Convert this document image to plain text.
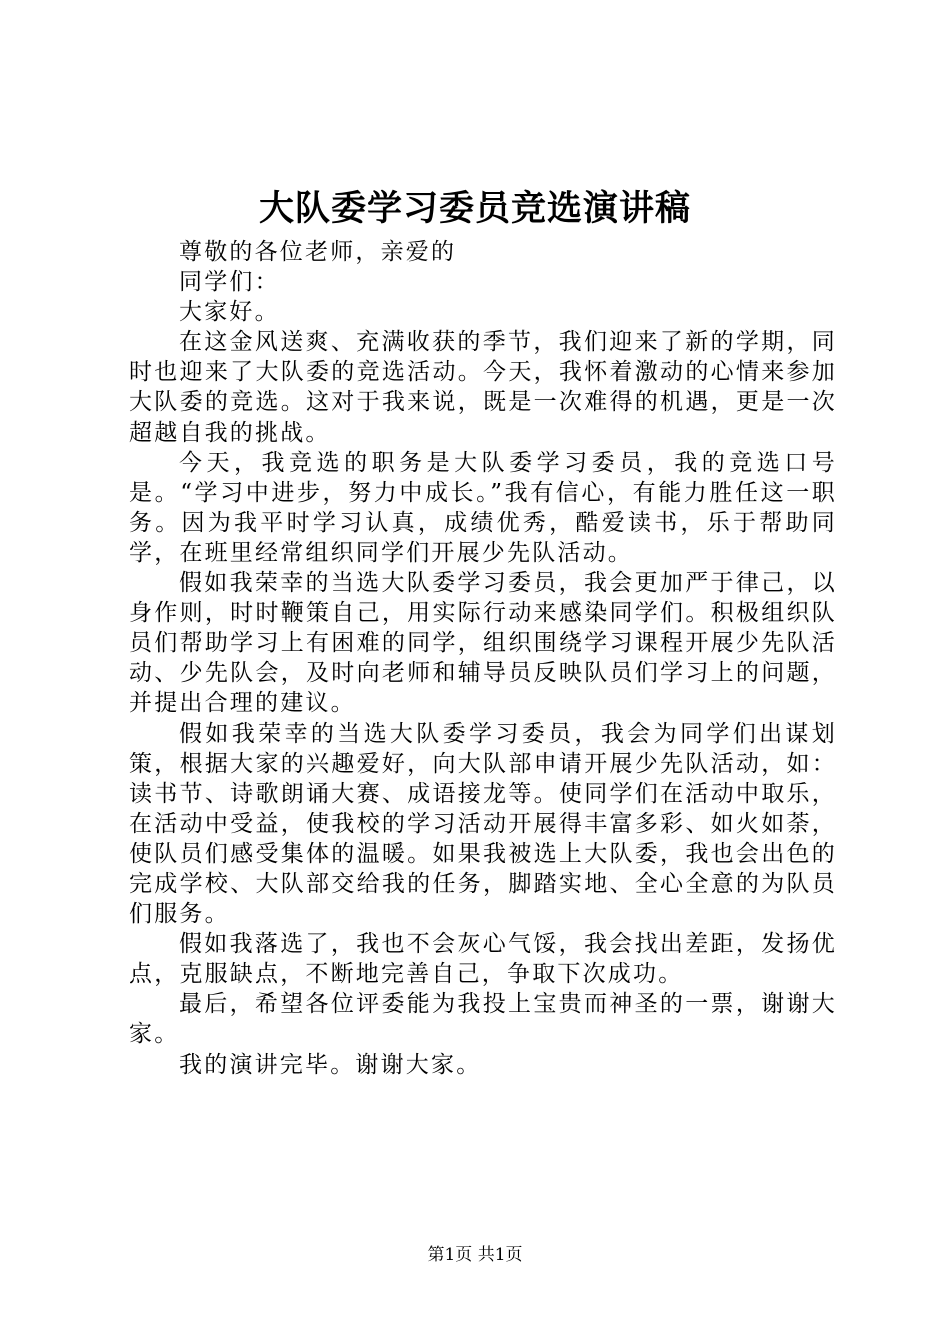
大队委学习委员竞选演讲稿

尊敬的各位老师，亲爱的

同学们：

大家好。

在这金风送爽、充满收获的季节，我们迎来了新的学期，同时也迎来了大队委的竞选活动。今天，我怀着激动的心情来参加大队委的竞选。这对于我来说，既是一次难得的机遇，更是一次超越自我的挑战。

今天，我竞选的职务是大队委学习委员，我的竞选口号是。“学习中进步，努力中成长。”我有信心，有能力胜任这一职务。因为我平时学习认真，成绩优秀，酷爱读书，乐于帮助同学，在班里经常组织同学们开展少先队活动。

假如我荣幸的当选大队委学习委员，我会更加严于律己，以身作则，时时鞭策自己，用实际行动来感染同学们。积极组织队员们帮助学习上有困难的同学，组织围绕学习课程开展少先队活动、少先队会，及时向老师和辅导员反映队员们学习上的问题，并提出合理的建议。

假如我荣幸的当选大队委学习委员，我会为同学们出谋划策，根据大家的兴趣爱好，向大队部申请开展少先队活动，如：读书节、诗歌朗诵大赛、成语接龙等。使同学们在活动中取乐，在活动中受益，使我校的学习活动开展得丰富多彩、如火如荼，使队员们感受集体的温暖。如果我被选上大队委，我也会出色的完成学校、大队部交给我的任务，脚踏实地、全心全意的为队员们服务。

假如我落选了，我也不会灰心气馁，我会找出差距，发扬优点，克服缺点，不断地完善自己，争取下次成功。

最后，希望各位评委能为我投上宝贵而神圣的一票，谢谢大家。

我的演讲完毕。谢谢大家。

第1页 共1页
